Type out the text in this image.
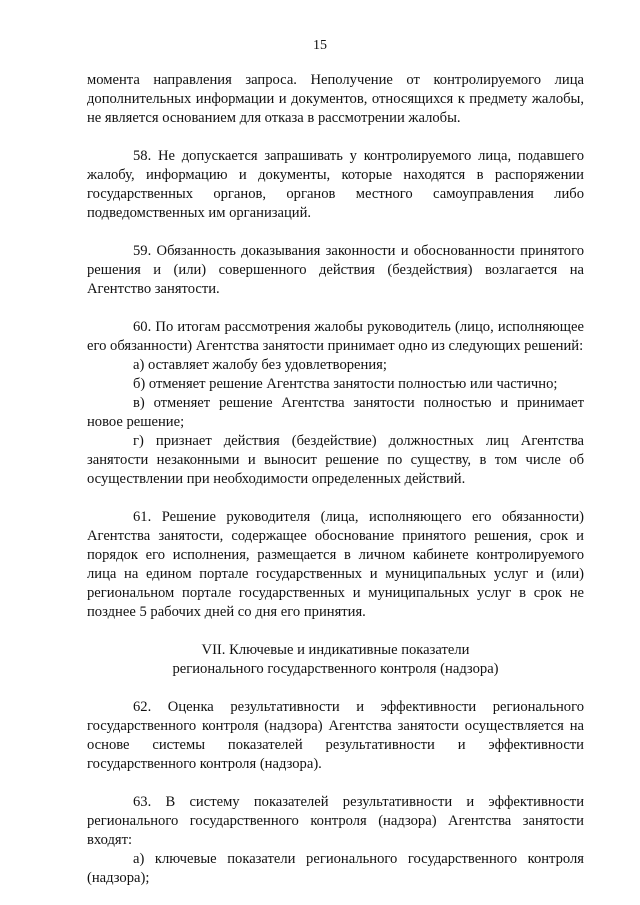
15

момента направления запроса. Неполучение от контролируемого лица дополнительных информации и документов, относящихся к предмету жалобы, не является основанием для отказа в рассмотрении жалобы.

58. Не допускается запрашивать у контролируемого лица, подавшего жалобу, информацию и документы, которые находятся в распоряжении государственных органов, органов местного самоуправления либо подведомственных им организаций.

59. Обязанность доказывания законности и обоснованности принятого решения и (или) совершенного действия (бездействия) возлагается на Агентство занятости.

60. По итогам рассмотрения жалобы руководитель (лицо, исполняющее его обязанности) Агентства занятости принимает одно из следующих решений:

а) оставляет жалобу без удовлетворения;

б) отменяет решение Агентства занятости полностью или частично;

в) отменяет решение Агентства занятости полностью и принимает новое решение;

г) признает действия (бездействие) должностных лиц Агентства занятости незаконными и выносит решение по существу, в том числе об осуществлении при необходимости определенных действий.

61. Решение руководителя (лица, исполняющего его обязанности) Агентства занятости, содержащее обоснование принятого решения, срок и порядок его исполнения, размещается в личном кабинете контролируемого лица на едином портале государственных и муниципальных услуг и (или) региональном портале государственных и муниципальных услуг в срок не позднее 5 рабочих дней со дня его принятия.

VII. Ключевые и индикативные показатели

регионального государственного контроля (надзора)

62. Оценка результативности и эффективности регионального государственного контроля (надзора) Агентства занятости осуществляется на основе системы показателей результативности и эффективности государственного контроля (надзора).

63. В систему показателей результативности и эффективности регионального государственного контроля (надзора) Агентства занятости входят:

а) ключевые показатели регионального государственного контроля (надзора);
